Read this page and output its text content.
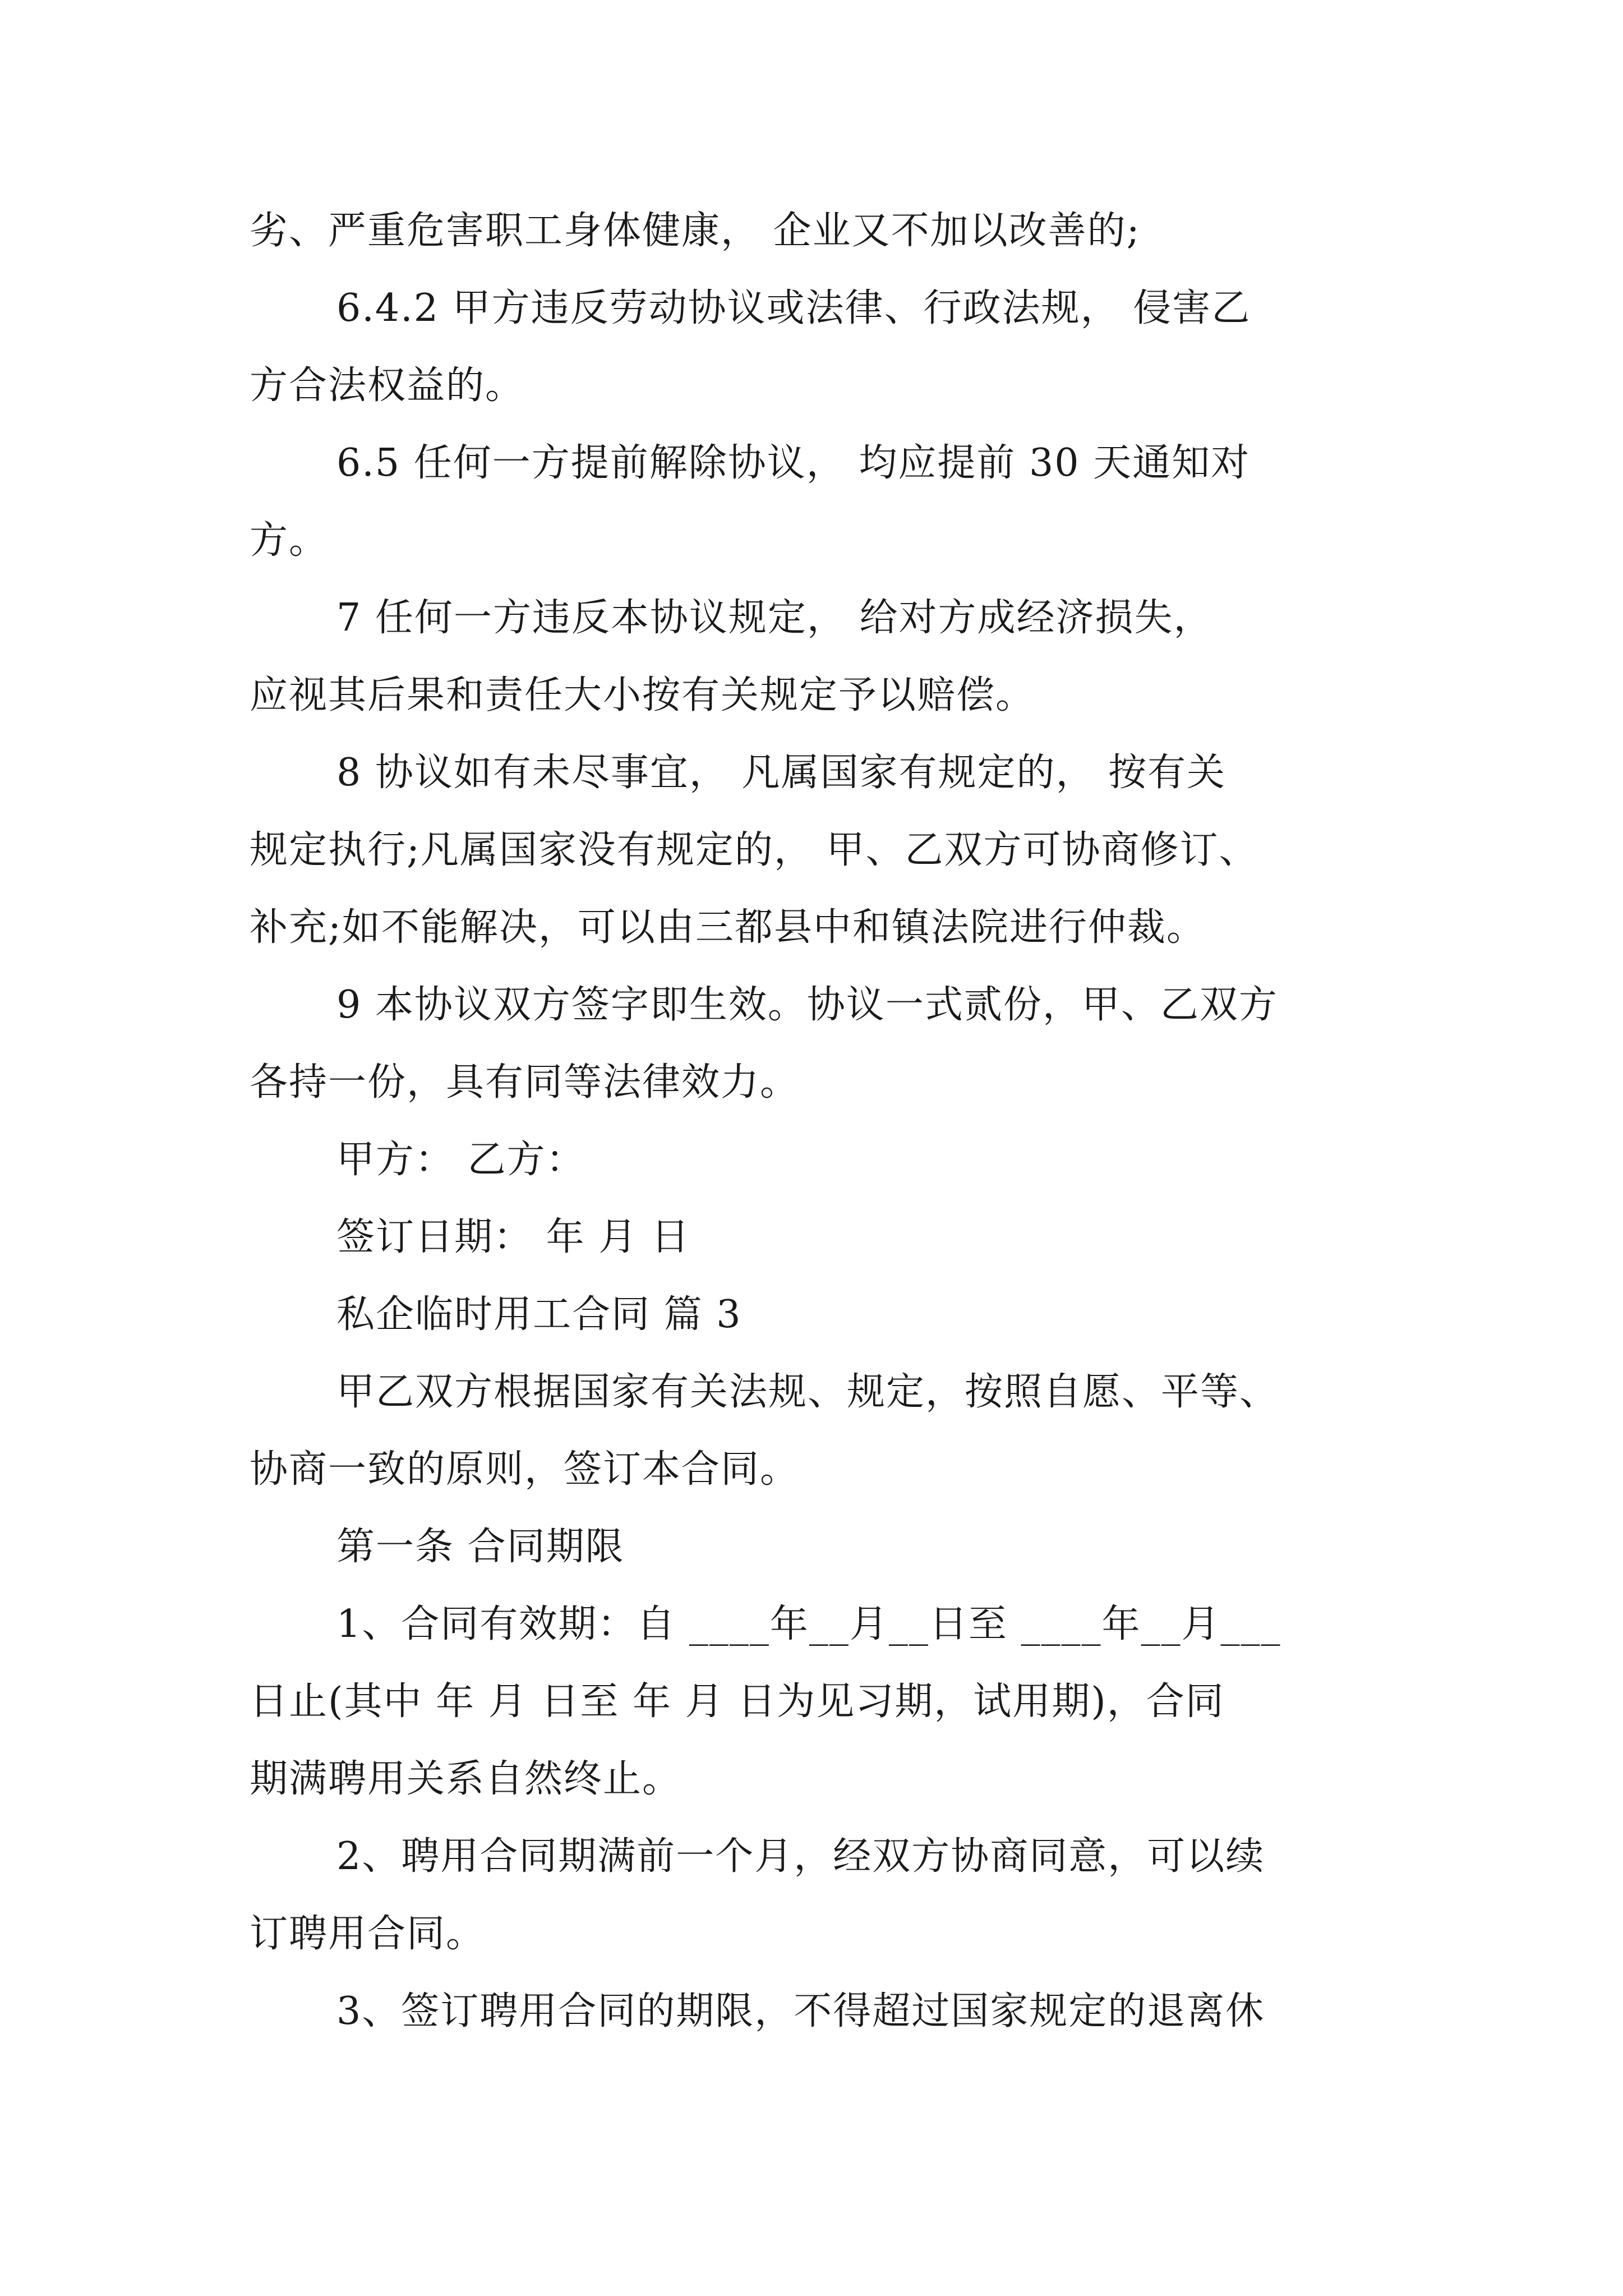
劣、严重危害职工身体健康， 企业又不加以改善的;
6.4.2 甲方违反劳动协议或法律、行政法规， 侵害乙
方合法权益的。
6.5 任何一方提前解除协议， 均应提前 30 天通知对
方。
7 任何一方违反本协议规定， 给对方成经济损失，
应视其后果和责任大小按有关规定予以赔偿。
8 协议如有未尽事宜， 凡属国家有规定的， 按有关
规定执行;凡属国家没有规定的， 甲、乙双方可协商修订、
补充;如不能解决，可以由三都县中和镇法院进行仲裁。
9 本协议双方签字即生效。协议一式贰份，甲、乙双方
各持一份，具有同等法律效力。
甲方： 乙方：
签订日期： 年 月 日
私企临时用工合同 篇 3
甲乙双方根据国家有关法规、规定，按照自愿、平等、
协商一致的原则，签订本合同。
第一条 合同期限
1、合同有效期：自 ____年__月__日至 ____年__月___
日止(其中 年 月 日至 年 月 日为见习期，试用期)，合同
期满聘用关系自然终止。
2、聘用合同期满前一个月，经双方协商同意，可以续
订聘用合同。
3、签订聘用合同的期限，不得超过国家规定的退离休
